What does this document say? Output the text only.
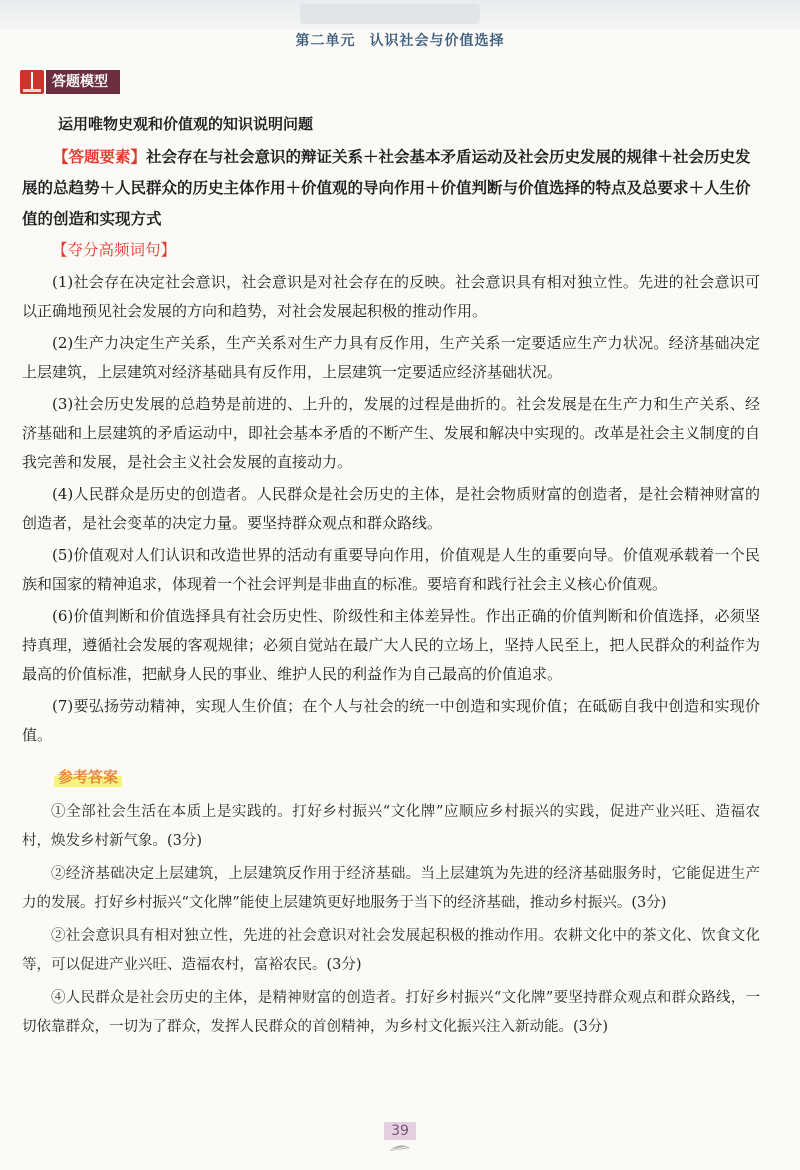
第二单元 认识社会与价值选择
答题模型
运用唯物史观和价值观的知识说明问题

【答题要素】社会存在与社会意识的辩证关系＋社会基本矛盾运动及社会历史发展的规律＋社会历史发展的总趋势＋人民群众的历史主体作用＋价值观的导向作用＋价值判断与价值选择的特点及总要求＋人生价值的创造和实现方式

【夺分高频词句】

(1)社会存在决定社会意识，社会意识是对社会存在的反映。社会意识具有相对独立性。先进的社会意识可以正确地预见社会发展的方向和趋势，对社会发展起积极的推动作用。

(2)生产力决定生产关系，生产关系对生产力具有反作用，生产关系一定要适应生产力状况。经济基础决定上层建筑，上层建筑对经济基础具有反作用，上层建筑一定要适应经济基础状况。

(3)社会历史发展的总趋势是前进的、上升的，发展的过程是曲折的。社会发展是在生产力和生产关系、经济基础和上层建筑的矛盾运动中，即社会基本矛盾的不断产生、发展和解决中实现的。改革是社会主义制度的自我完善和发展，是社会主义社会发展的直接动力。

(4)人民群众是历史的创造者。人民群众是社会历史的主体，是社会物质财富的创造者，是社会精神财富的创造者，是社会变革的决定力量。要坚持群众观点和群众路线。

(5)价值观对人们认识和改造世界的活动有重要导向作用，价值观是人生的重要向导。价值观承载着一个民族和国家的精神追求，体现着一个社会评判是非曲直的标准。要培育和践行社会主义核心价值观。

(6)价值判断和价值选择具有社会历史性、阶级性和主体差异性。作出正确的价值判断和价值选择，必须坚持真理，遵循社会发展的客观规律；必须自觉站在最广大人民的立场上，坚持人民至上，把人民群众的利益作为最高的价值标准，把献身人民的事业、维护人民的利益作为自己最高的价值追求。

(7)要弘扬劳动精神，实现人生价值；在个人与社会的统一中创造和实现价值；在砥砺自我中创造和实现价值。

参考答案

①全部社会生活在本质上是实践的。打好乡村振兴“文化牌”应顺应乡村振兴的实践，促进产业兴旺、造福农村，焕发乡村新气象。(3分)

②经济基础决定上层建筑，上层建筑反作用于经济基础。当上层建筑为先进的经济基础服务时，它能促进生产力的发展。打好乡村振兴“文化牌”能使上层建筑更好地服务于当下的经济基础，推动乡村振兴。(3分)

②社会意识具有相对独立性，先进的社会意识对社会发展起积极的推动作用。农耕文化中的茶文化、饮食文化等，可以促进产业兴旺、造福农村，富裕农民。(3分)

④人民群众是社会历史的主体，是精神财富的创造者。打好乡村振兴“文化牌”要坚持群众观点和群众路线，一切依靠群众，一切为了群众，发挥人民群众的首创精神，为乡村文化振兴注入新动能。(3分)

39
